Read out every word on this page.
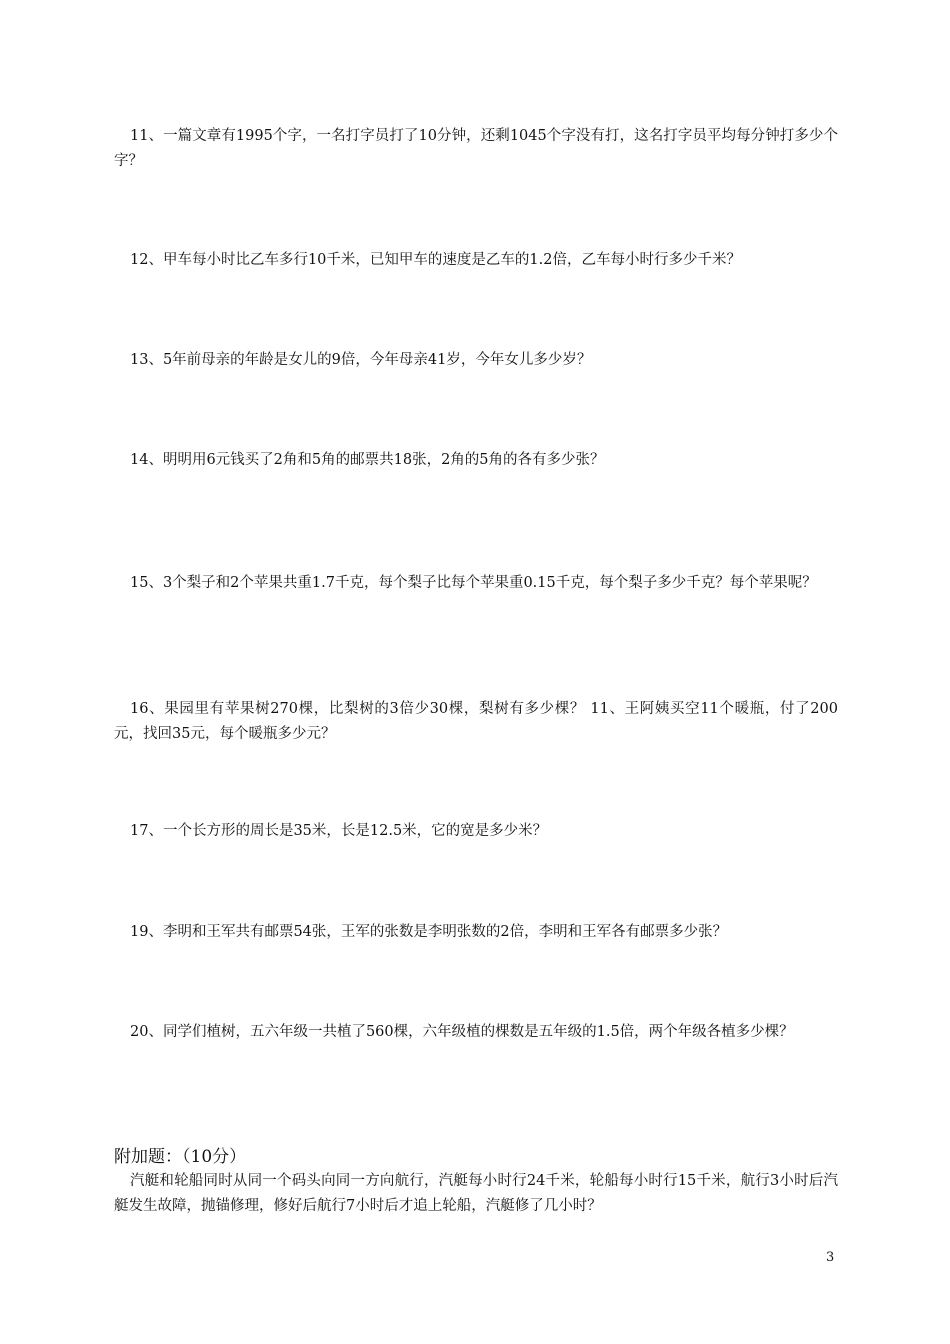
11、一篇文章有1995个字，一名打字员打了10分钟，还剩1045个字没有打，这名打字员平均每分钟打多少个字？

12、甲车每小时比乙车多行10千米，已知甲车的速度是乙车的1.2倍，乙车每小时行多少千米？

13、5年前母亲的年龄是女儿的9倍，今年母亲41岁，今年女儿多少岁？

14、明明用6元钱买了2角和5角的邮票共18张，2角的5角的各有多少张？

15、3个梨子和2个苹果共重1.7千克，每个梨子比每个苹果重0.15千克，每个梨子多少千克？每个苹果呢？

16、果园里有苹果树270棵，比梨树的3倍少30棵，梨树有多少棵？ 11、王阿姨买空11个暖瓶，付了200元，找回35元，每个暖瓶多少元？

17、一个长方形的周长是35米，长是12.5米，它的宽是多少米？

19、李明和王军共有邮票54张，王军的张数是李明张数的2倍，李明和王军各有邮票多少张？

20、同学们植树，五六年级一共植了560棵，六年级植的棵数是五年级的1.5倍，两个年级各植多少棵？

附加题：（10分）

汽艇和轮船同时从同一个码头向同一方向航行，汽艇每小时行24千米，轮船每小时行15千米，航行3小时后汽艇发生故障，抛锚修理，修好后航行7小时后才追上轮船，汽艇修了几小时？

3
